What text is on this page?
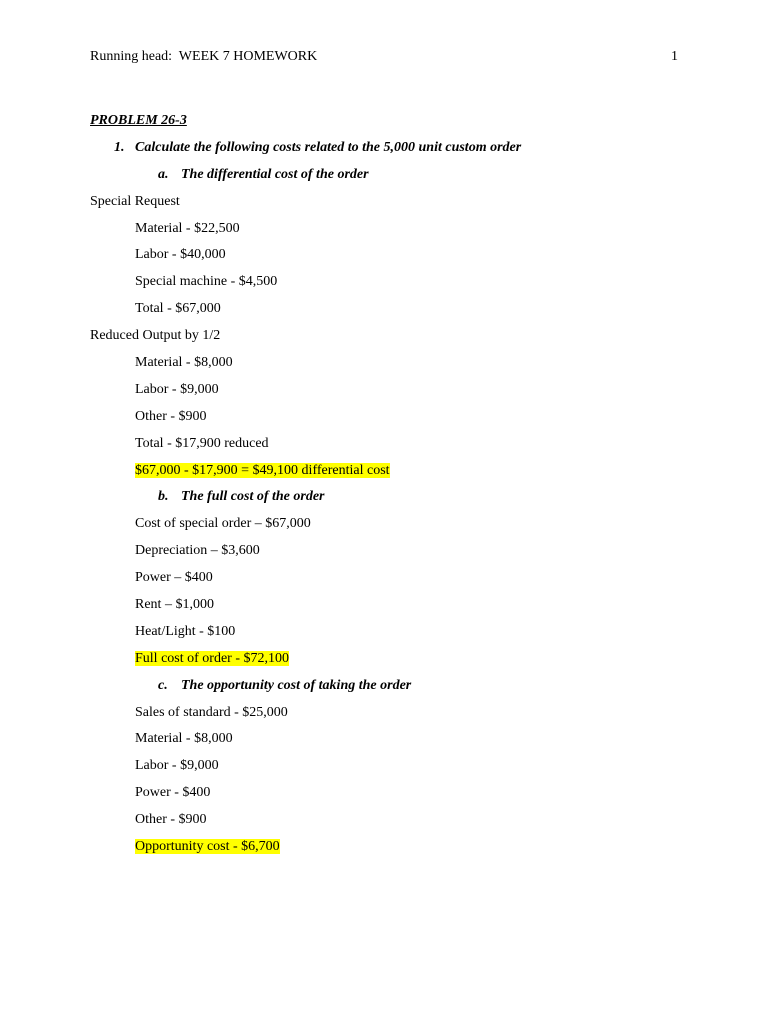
Running head: WEEK 7 HOMEWORK	1
PROBLEM 26-3
1. Calculate the following costs related to the 5,000 unit custom order
a. The differential cost of the order
Special Request
Material - $22,500
Labor - $40,000
Special machine - $4,500
Total - $67,000
Reduced Output by 1/2
Material - $8,000
Labor - $9,000
Other - $900
Total - $17,900 reduced
$67,000 - $17,900 = $49,100 differential cost
b. The full cost of the order
Cost of special order – $67,000
Depreciation – $3,600
Power – $400
Rent – $1,000
Heat/Light - $100
Full cost of order - $72,100
c. The opportunity cost of taking the order
Sales of standard - $25,000
Material - $8,000
Labor - $9,000
Power - $400
Other - $900
Opportunity cost - $6,700
